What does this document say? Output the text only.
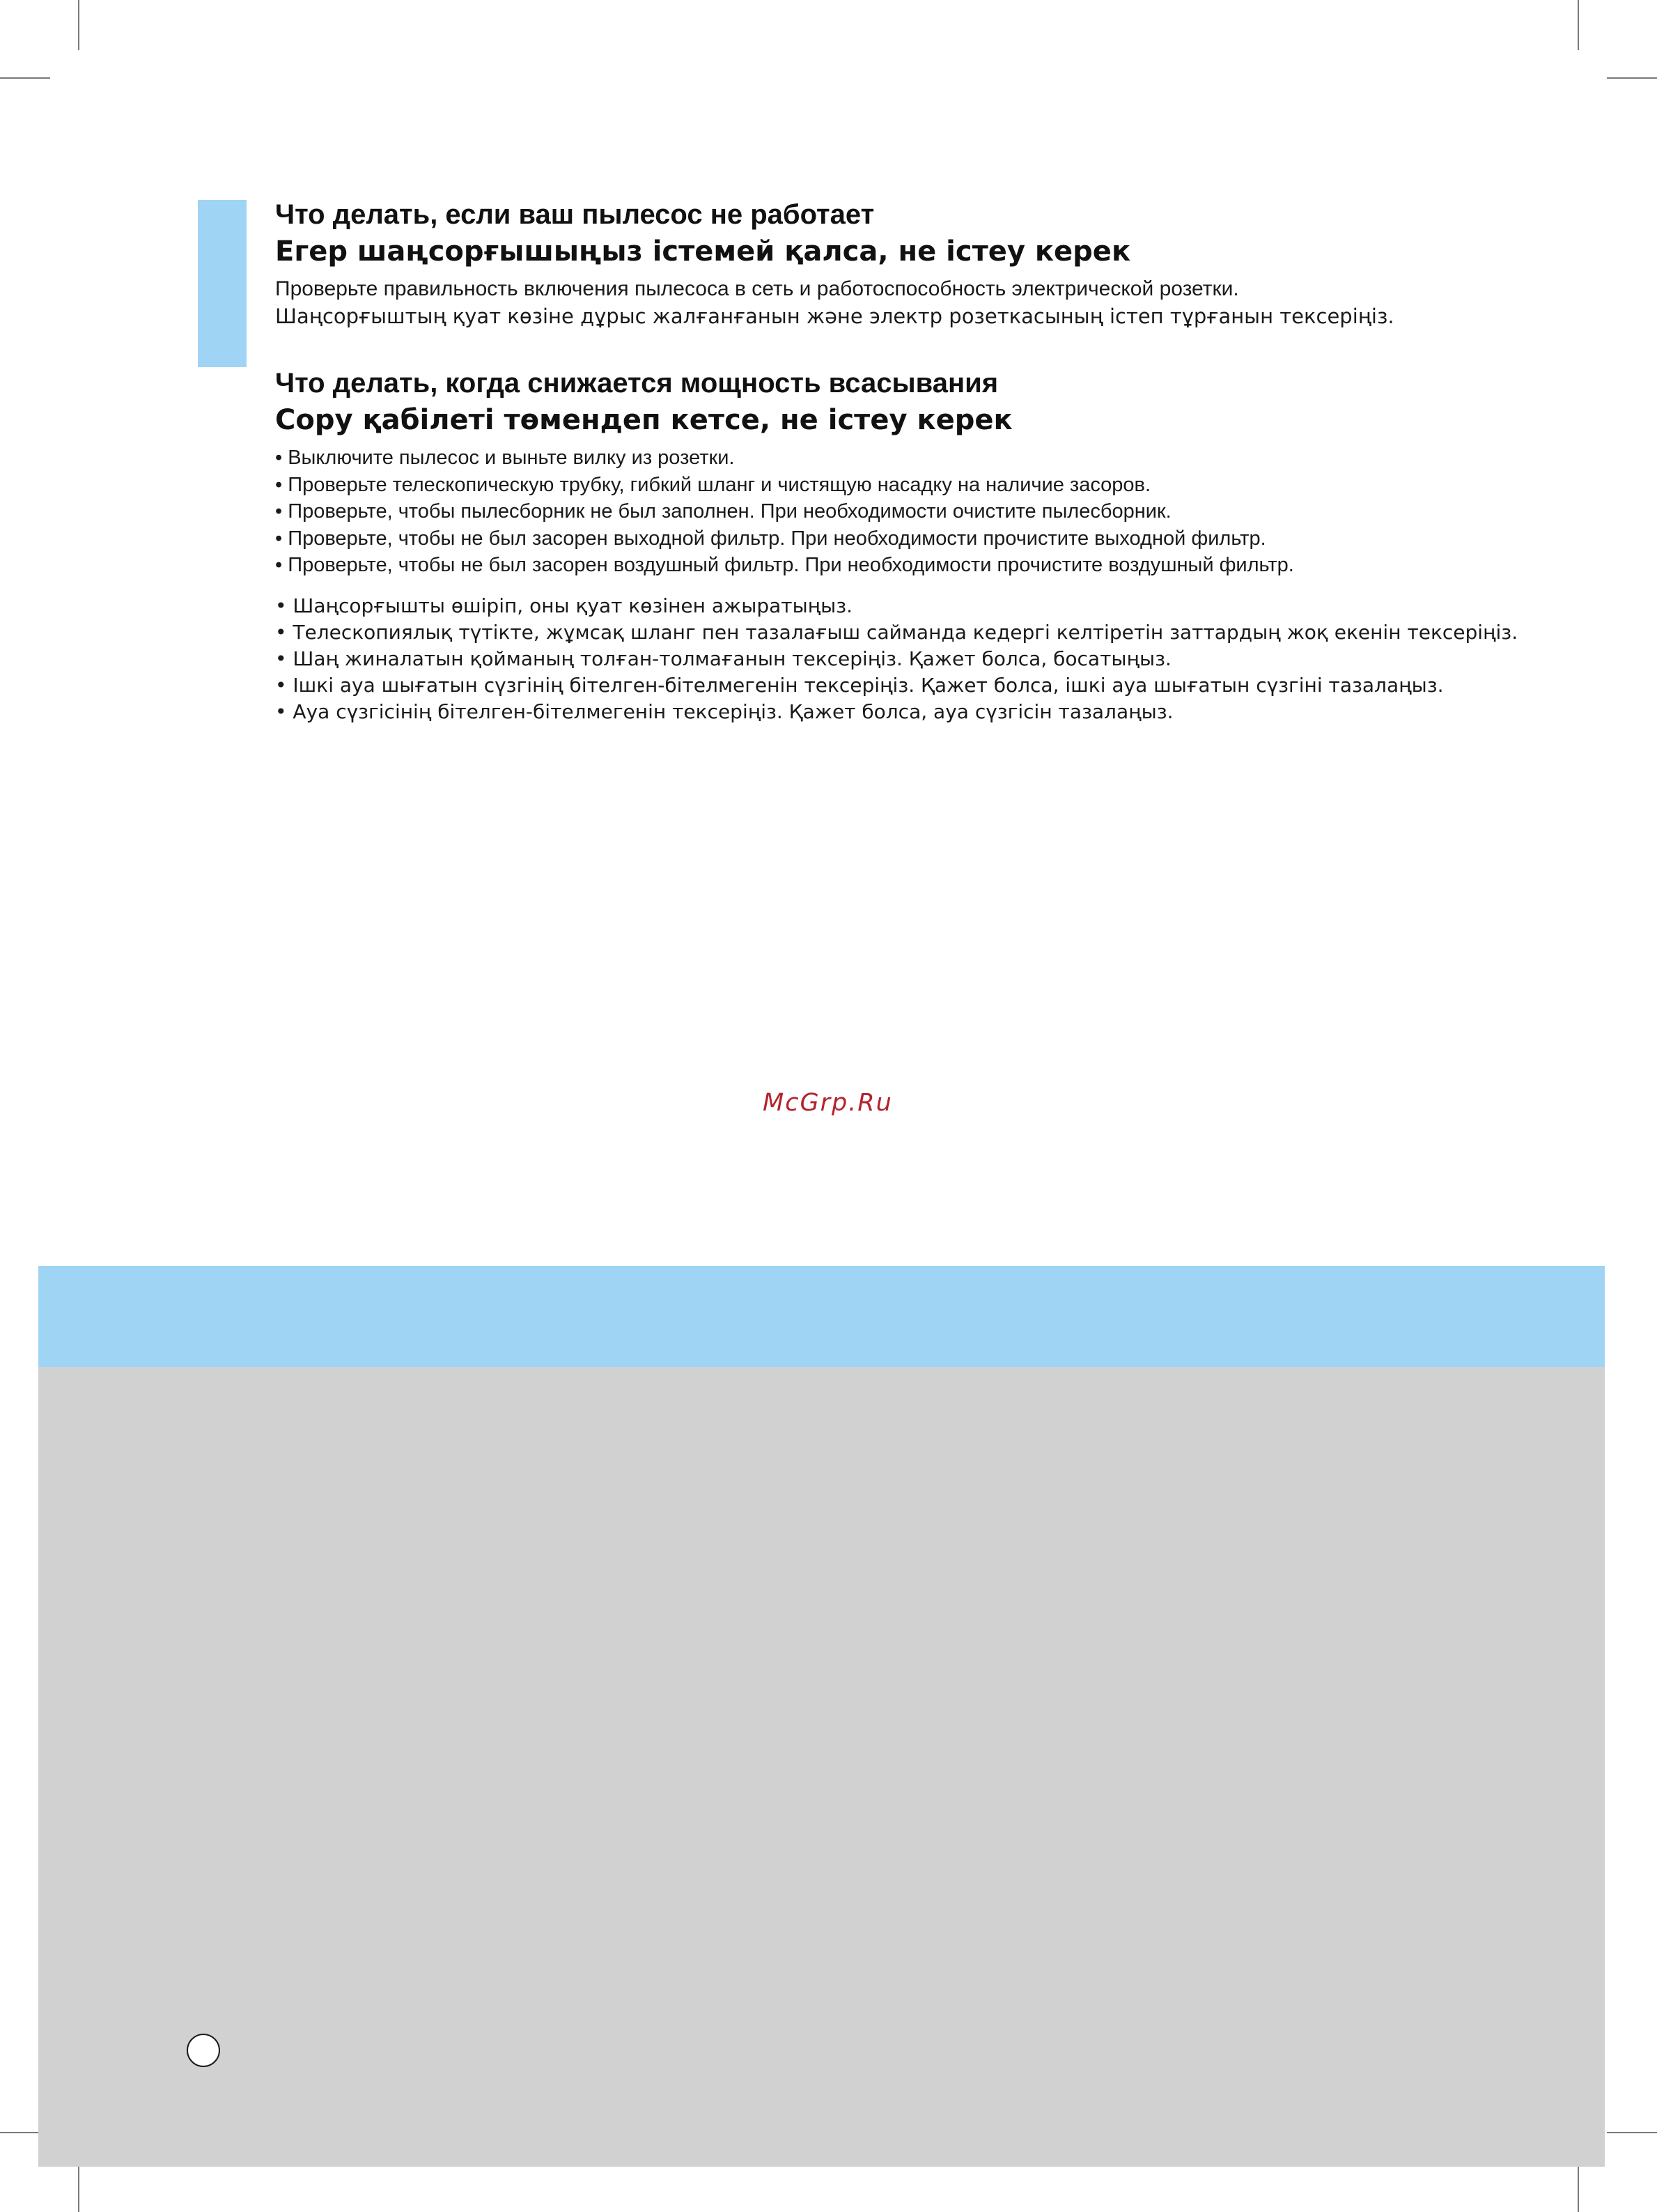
Что делать, если ваш пылесос не работает
Егер шаңсорғышыңыз істемей қалса, не істеу керек

Проверьте правильность включения пылесоса в сеть и работоспособность электрической розетки.

Шаңсорғыштың қуат көзіне дұрыс жалғанғанын және электр розеткасының істеп тұрғанын тексеріңіз.

Что делать, когда снижается мощность всасывания
Сору қабілеті төмендеп кетсе, не істеу керек
• Выключите пылесос и выньте вилку из розетки.
• Проверьте телескопическую трубку, гибкий шланг и чистящую насадку на наличие засоров.
• Проверьте, чтобы пылесборник не был заполнен. При необходимости очистите пылесборник.
• Проверьте, чтобы не был засорен выходной фильтр. При необходимости прочистите выходной фильтр.
• Проверьте, чтобы не был засорен воздушный фильтр. При необходимости прочистите воздушный фильтр.
• Шаңсорғышты өшіріп, оны қуат көзінен ажыратыңыз.
• Телескопиялық түтікте, жұмсақ шланг пен тазалағыш сайманда кедергі келтіретін заттардың жоқ екенін тексеріңіз.
• Шаң жиналатын қойманың толған-толмағанын тексеріңіз. Қажет болса, босатыңыз.
• Ішкі ауа шығатын сүзгінің бітелген-бітелмегенін тексеріңіз. Қажет болса, ішкі ауа шығатын сүзгіні тазалаңыз.
• Ауа сүзгісінің бітелген-бітелмегенін тексеріңіз. Қажет болса, ауа сүзгісін тазалаңыз.
McGrp.Ru
